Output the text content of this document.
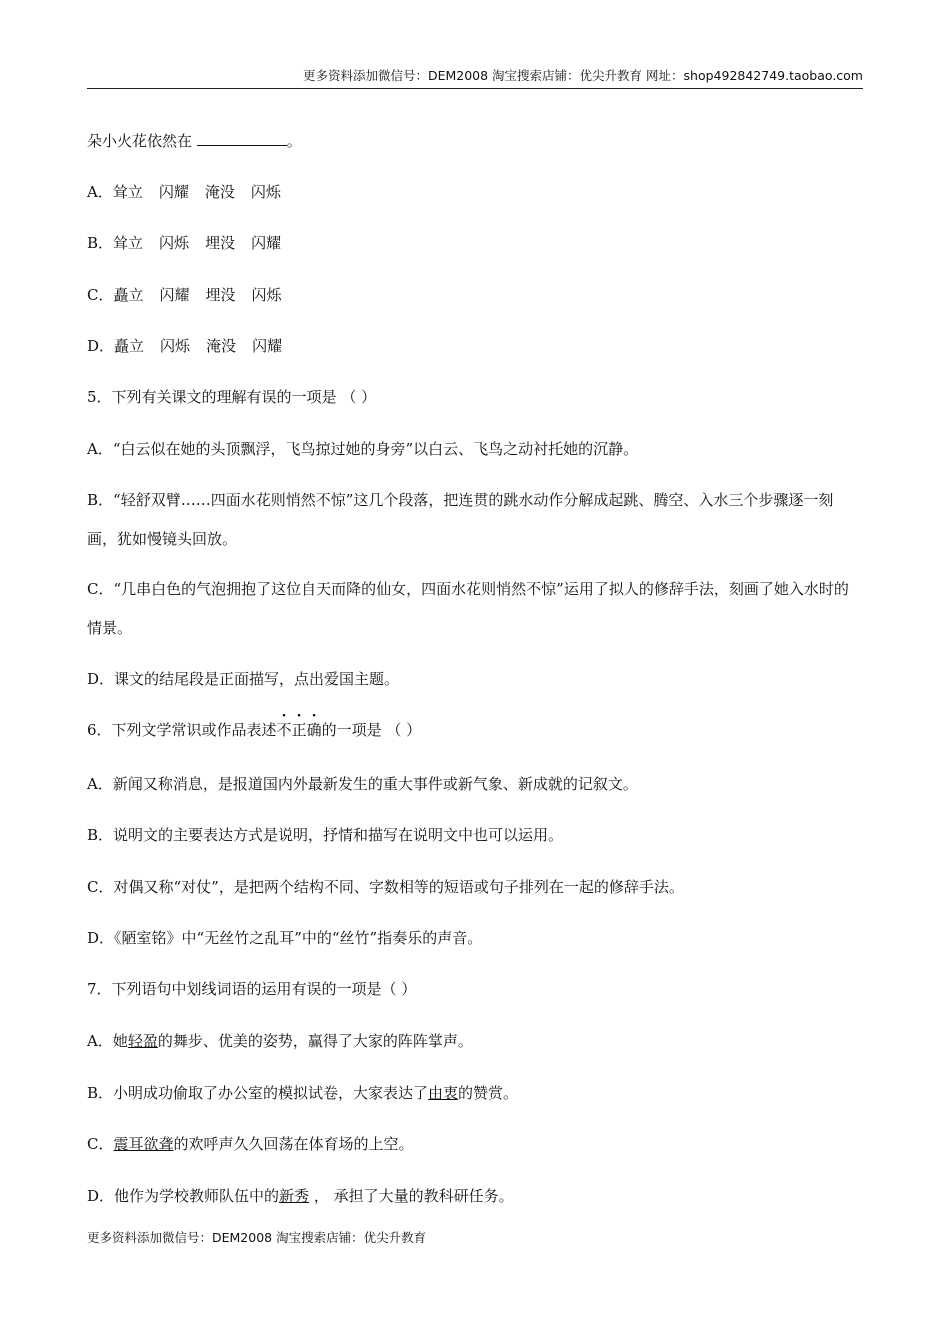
更多资料添加微信号：DEM2008 淘宝搜索店铺：优尖升教育 网址：shop492842749.taobao.com
朵小火花依然在	。
A．耸立 闪耀 淹没 闪烁
B．耸立 闪烁 埋没 闪耀
C．矗立 闪耀 埋没 闪烁
D．矗立 闪烁 淹没 闪耀
5．下列有关课文的理解有误的一项是 （ ）
A．“白云似在她的头顶飘浮，飞鸟掠过她的身旁”以白云、飞鸟之动衬托她的沉静。
B．“轻舒双臂……四面水花则悄然不惊”这几个段落，把连贯的跳水动作分解成起跳、腾空、入水三个步骤逐一刻画，犹如慢镜头回放。
C．“几串白色的气泡拥抱了这位自天而降的仙女，四面水花则悄然不惊”运用了拟人的修辞手法，刻画了她入水时的情景。
D．课文的结尾段是正面描写，点出爱国主题。
6．下列文学常识或作品表述不正确的一项是 （ ）
A．新闻又称消息，是报道国内外最新发生的重大事件或新气象、新成就的记叙文。
B．说明文的主要表达方式是说明，抒情和描写在说明文中也可以运用。
C．对偶又称“对仗”，是把两个结构不同、字数相等的短语或句子排列在一起的修辞手法。
D．《陋室铭》中“无丝竹之乱耳”中的“丝竹”指奏乐的声音。
7．下列语句中划线词语的运用有误的一项是（ ）
A．她轻盈的舞步、优美的姿势，赢得了大家的阵阵掌声。
B．小明成功偷取了办公室的模拟试卷，大家表达了由衷的赞赏。
C．震耳欲聋的欢呼声久久回荡在体育场的上空。
D．他作为学校教师队伍中的新秀 ， 承担了大量的教科研任务。
更多资料添加微信号：DEM2008 淘宝搜索店铺：优尖升教育
